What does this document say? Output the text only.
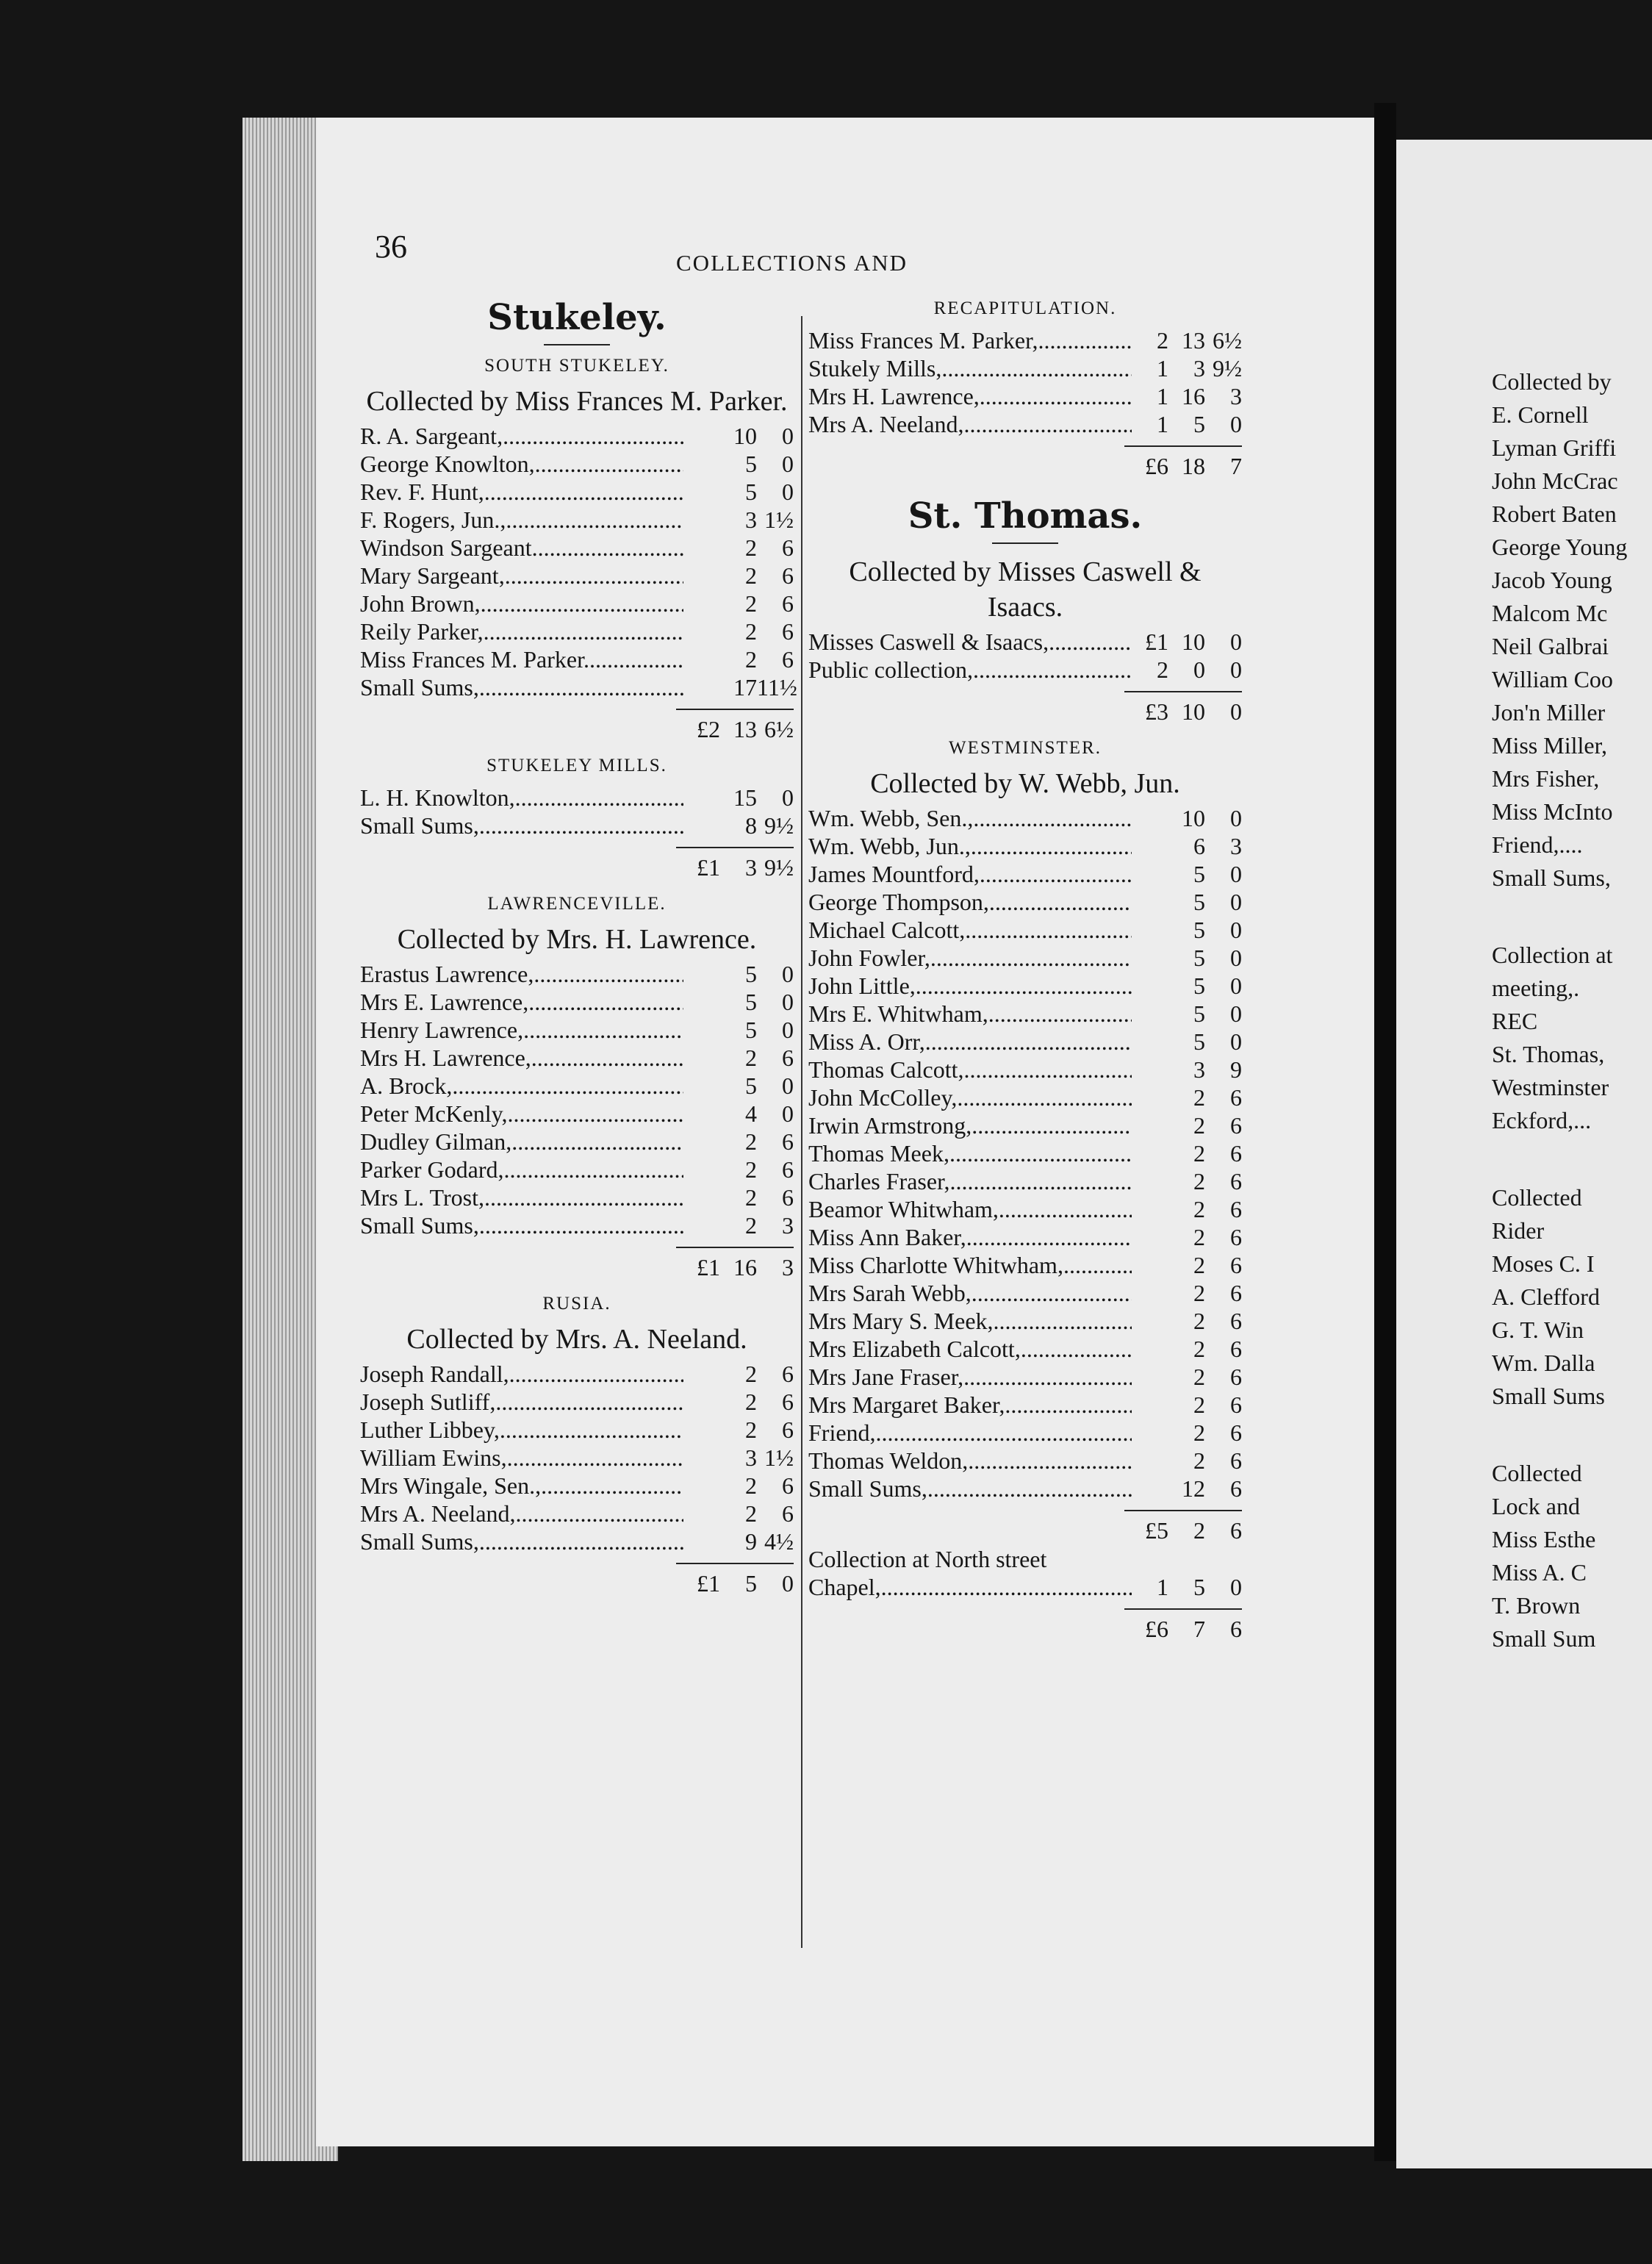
36	COLLECTIONS AND
Stukeley.
SOUTH STUKELEY.
Collected by Miss Frances M. Parker.
R. A. Sargeant, .....	10	0
George Knowlton, .....	5	0
Rev. F. Hunt, .....	5	0
F. Rogers, Jun., .....	3 1½
Windson Sargeant .....	2	6
Mary Sargeant, .....	2	6
John Brown, .....	2	6
Reily Parker, .....	2	6
Miss Frances M. Parker .....	2	6
Small Sums, .....	17 11½
£2 13 6½
STUKELEY MILLS.
L. H. Knowlton, .....	15	0
Small Sums, .....	8 9½
£1	3 9½
LAWRENCEVILLE.
Collected by Mrs. H. Lawrence.
Erastus Lawrence, .....	5	0
Mrs E. Lawrence, .....	5	0
Henry Lawrence, .....	5	0
Mrs H. Lawrence, .....	2	6
A. Brock, .....	5	0
Peter McKenly, .....	4	0
Dudley Gilman, .....	2	6
Parker Godard, .....	2	6
Mrs L. Trost, .....	2	6
Small Sums, .....	2	3
£1 16	3
RUSIA.
Collected by Mrs. A. Neeland.
Joseph Randall, .....	2	6
Joseph Sutliff, .....	2	6
Luther Libbey, .....	2	6
William Ewins, .....	3 1½
Mrs Wingale, Sen., .....	2	6
Mrs A. Neeland, .....	2	6
Small Sums, .....	9 4½
£1	5	0
RECAPITULATION.
Miss Frances M. Parker, .....	2 13 6½
Stukely Mills, .....	1	3 9½
Mrs H. Lawrence, .....	1 16	3
Mrs A. Neeland, .....	1	5	0
£6 18	7
St. Thomas.
Collected by Misses Caswell & Isaacs.
Misses Caswell & Isaacs, .....	£1 10	0
Public collection, .....	2	0	0
£3 10	0
WESTMINSTER.
Collected by W. Webb, Jun.
Wm. Webb, Sen., .....	10	0
Wm. Webb, Jun., .....	6	3
James Mountford, .....	5	0
George Thompson, .....	5	0
Michael Calcott, .....	5	0
John Fowler, .....	5	0
John Little, .....	5	0
Mrs E. Whitwham, .....	5	0
Miss A. Orr, .....	5	0
Thomas Calcott, .....	3	9
John McColley, .....	2	6
Irwin Armstrong, .....	2	6
Thomas Meek, .....	2	6
Charles Fraser, .....	2	6
Beamor Whitwham, .....	2	6
Miss Ann Baker, .....	2	6
Miss Charlotte Whitwham, .....	2	6
Mrs Sarah Webb, .....	2	6
Mrs Mary S. Meek, .....	2	6
Mrs Elizabeth Calcott, .....	2	6
Mrs Jane Fraser, .....	2	6
Mrs Margaret Baker, .....	2	6
Friend, .....	2	6
Thomas Weldon, .....	2	6
Small Sums, .....	12	6
£5	2	6
Collection at North street
Chapel, .....	1	5	0
£6	7	6
Collected by
E. Cornell
Lyman Griffi
John McCrac
Robert Baten
George Young
Jacob Young
Malcom Mc
Neil Galbrai
William Coo
Jon'n Miller
Miss Miller,
Mrs Fisher,
Miss McInto
Friend,....
Small Sums,
Collection at
meeting,.
REC
St. Thomas,
Westminster
Eckford,...
Collected
Rider
Moses C. I
A. Clefford
G. T. Win
Wm. Dalla
Small Sums
Collected
Lock and
Miss Esthe
Miss A. C
T. Brown
Small Sum
